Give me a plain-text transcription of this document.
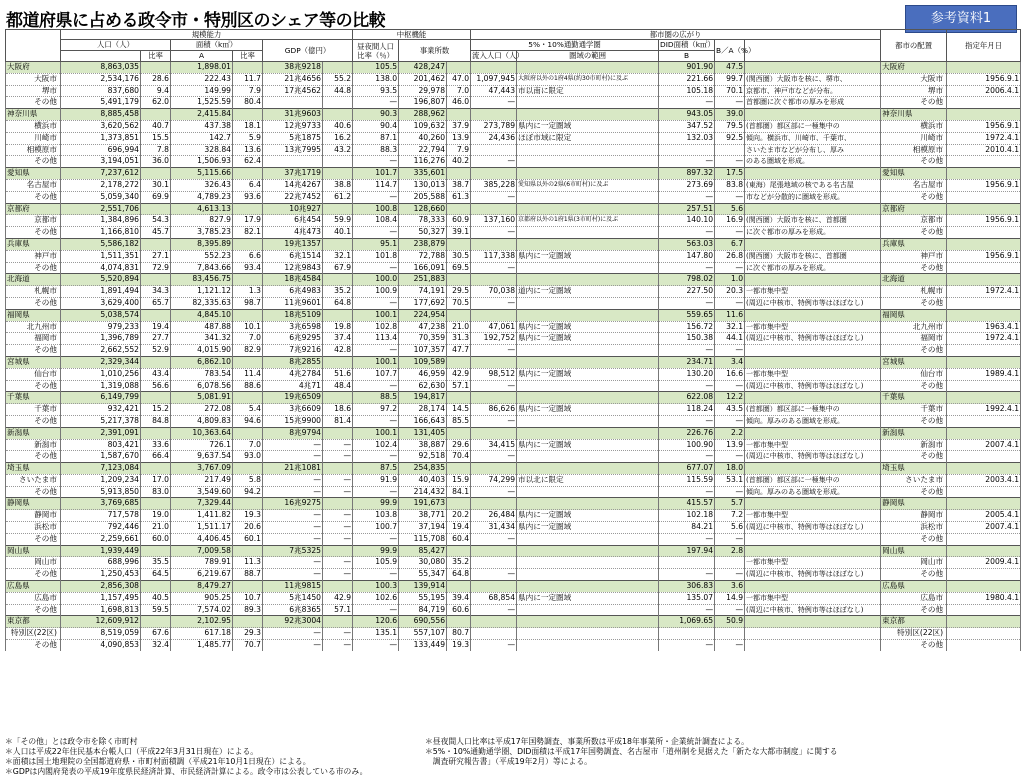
都道府県に占める政令市・特別区のシェア等の比較	参考資料1
	規模能力						中枢機能			都市圏の広がり					都市の配置	指定年月日
	人口（人）		面積（k㎡）		GDP（億円）		昼夜間人口比率（％）	事業所数		5%・10%通勤通学圏		DID面積（k㎡）	B／A（%）			
		比率	A	比率						流入人口（人）	圏域の範囲	B				
大阪府	8,863,035		1,898.01		38兆9218		105.5	428,247				901.90	47.5		大阪府	
大阪市	2,534,176	28.6	222.43	11.7	21兆4656	55.2	138.0	201,462	47.0	1,097,945	大阪府以外の1府4県(約30市町村)に及ぶ	221.66	99.7	(関西圏）大阪市を核に、堺市、	大阪市	1956.9.1
堺市	837,680	9.4	149.99	7.9	17兆4562	44.8	93.5	29,978	7.0	47,443	市以南に限定	105.18	70.1	京都市、神戸市などが分布。	堺市	2006.4.1
その他	5,491,179	62.0	1,525.59	80.4			—	196,807	46.0	—		—	—	首都圏に次ぐ都市の厚みを形成	その他	
神奈川県	8,885,458		2,415.84		31兆9603		90.3	288,962				943.05	39.0		神奈川県	
横浜市	3,620,562	40.7	437.38	18.1	12兆9733	40.6	90.4	109,632	37.9	273,789	県内に一定圏域	347.52	79.5	(首都圏）都区部に一極集中の	横浜市	1956.9.1
川崎市	1,373,851	15.5	142.7	5.9	5兆1875	16.2	87.1	40,260	13.9	24,436	ほぼ市域に限定	132.03	92.5	傾向。横浜市、川崎市、千葉市、	川崎市	1972.4.1
相模原市	696,994	7.8	328.84	13.6	13兆7995	43.2	88.3	22,794	7.9					さいたま市などが分布し、厚み	相模原市	2010.4.1
その他	3,194,051	36.0	1,506.93	62.4			—	116,276	40.2	—		—	—	のある圏域を形成。	その他	
愛知県	7,237,612		5,115.66		37兆1719		101.7	335,601				897.32	17.5		愛知県	
名古屋市	2,178,272	30.1	326.43	6.4	14兆4267	38.8	114.7	130,013	38.7	385,228	愛知県以外の2県(6市町村)に及ぶ	273.69	83.8	(東海）尾張地域の核である名古屋	名古屋市	1956.9.1
その他	5,059,340	69.9	4,789.23	93.6	22兆7452	61.2	—	205,588	61.3	—		—	—	市などが分散的に圏域を形成。	その他	
京都府	2,551,706		4,613.13		10兆927		100.8	128,660				257.51	5.6		京都府	
京都市	1,384,896	54.3	827.9	17.9	6兆454	59.9	108.4	78,333	60.9	137,160	京都府以外の1府1県(3市町村)に及ぶ	140.10	16.9	(関西圏）大阪市を核に、首都圏	京都市	1956.9.1
その他	1,166,810	45.7	3,785.23	82.1	4兆473	40.1	—	50,327	39.1	—		—	—	に次ぐ都市の厚みを形成。	その他	
兵庫県	5,586,182		8,395.89		19兆1357		95.1	238,879				563.03	6.7		兵庫県	
神戸市	1,511,351	27.1	552.23	6.6	6兆1514	32.1	101.8	72,788	30.5	117,338	県内に一定圏域	147.80	26.8	(関西圏）大阪市を核に、首都圏	神戸市	1956.9.1
その他	4,074,831	72.9	7,843.66	93.4	12兆9843	67.9	—	166,091	69.5	—		—	—	に次ぐ都市の厚みを形成。	その他	
北海道	5,520,894		83,456.75		18兆4584		100.0	251,883				798.02	1.0		北海道	
札幌市	1,891,494	34.3	1,121.12	1.3	6兆4983	35.2	100.9	74,191	29.5	70,038	道内に一定圏域	227.50	20.3	一都市集中型	札幌市	1972.4.1
その他	3,629,400	65.7	82,335.63	98.7	11兆9601	64.8	—	177,692	70.5	—		—	—	(周辺に中核市、特例市等はほぼなし)	その他	
福岡県	5,038,574		4,845.10		18兆5109		100.1	224,954				559.65	11.6		福岡県	
北九州市	979,233	19.4	487.88	10.1	3兆6598	19.8	102.8	47,238	21.0	47,061	県内に一定圏域	156.72	32.1	一都市集中型	北九州市	1963.4.1
福岡市	1,396,789	27.7	341.32	7.0	6兆9295	37.4	113.4	70,359	31.3	192,752	県内に一定圏域	150.38	44.1	(周辺に中核市、特例市等はほぼなし)	福岡市	1972.4.1
その他	2,662,552	52.9	4,015.90	82.9	7兆9216	42.8	—	107,357	47.7	—		—	—		その他	
宮城県	2,329,344		6,862.10		8兆2855		100.1	109,589				234.71	3.4		宮城県	
仙台市	1,010,256	43.4	783.54	11.4	4兆2784	51.6	107.7	46,959	42.9	98,512	県内に一定圏域	130.20	16.6	一都市集中型	仙台市	1989.4.1
その他	1,319,088	56.6	6,078.56	88.6	4兆71	48.4	—	62,630	57.1	—		—	—	(周辺に中核市、特例市等はほぼなし)	その他	
千葉県	6,149,799		5,081.91		19兆6509		88.5	194,817				622.08	12.2		千葉県	
千葉市	932,421	15.2	272.08	5.4	3兆6609	18.6	97.2	28,174	14.5	86,626	県内に一定圏域	118.24	43.5	(首都圏）都区部に一極集中の	千葉市	1992.4.1
その他	5,217,378	84.8	4,809.83	94.6	15兆9900	81.4	—	166,643	85.5	—		—	—	傾向。厚みのある圏域を形成。	その他	
新潟県	2,391,091		10,363.64		8兆9794		100.1	131,405				226.76	2.2		新潟県	
新潟市	803,421	33.6	726.1	7.0	—	—	102.4	38,887	29.6	34,415	県内に一定圏域	100.90	13.9	一都市集中型	新潟市	2007.4.1
その他	1,587,670	66.4	9,637.54	93.0	—	—	—	92,518	70.4	—		—	—	(周辺に中核市、特例市等はほぼなし)	その他	
埼玉県	7,123,084		3,767.09		21兆1081		87.5	254,835				677.07	18.0		埼玉県	
さいたま市	1,209,234	17.0	217.49	5.8	—	—	91.9	40,403	15.9	74,299	市以北に限定	115.59	53.1	(首都圏）都区部に一極集中の	さいたま市	2003.4.1
その他	5,913,850	83.0	3,549.60	94.2	—	—	—	214,432	84.1	—		—	—	傾向。厚みのある圏域を形成。	その他	
静岡県	3,769,685		7,329.44		16兆9275		99.9	191,673				415.57	5.7		静岡県	
静岡市	717,578	19.0	1,411.82	19.3	—	—	103.8	38,771	20.2	26,484	県内に一定圏域	102.18	7.2	一都市集中型	静岡市	2005.4.1
浜松市	792,446	21.0	1,511.17	20.6	—	—	100.7	37,194	19.4	31,434	県内に一定圏域	84.21	5.6	(周辺に中核市、特例市等はほぼなし)	浜松市	2007.4.1
その他	2,259,661	60.0	4,406.45	60.1	—	—	—	115,708	60.4	—		—	—		その他	
岡山県	1,939,449		7,009.58		7兆5325		99.9	85,427				197.94	2.8		岡山県	
岡山市	688,996	35.5	789.91	11.3	—	—	105.9	30,080	35.2					一都市集中型	岡山市	2009.4.1
その他	1,250,453	64.5	6,219.67	88.7	—	—	—	55,347	64.8	—		—	—	(周辺に中核市、特例市等はほぼなし)	その他	
広島県	2,856,308		8,479.27		11兆9815		100.3	139,914				306.83	3.6		広島県	
広島市	1,157,495	40.5	905.25	10.7	5兆1450	42.9	102.6	55,195	39.4	68,854	県内に一定圏域	135.07	14.9	一都市集中型	広島市	1980.4.1
その他	1,698,813	59.5	7,574.02	89.3	6兆8365	57.1	—	84,719	60.6	—		—	—	(周辺に中核市、特例市等はほぼなし)	その他	
東京都	12,609,912		2,102.95		92兆3004		120.6	690,556				1,069.65	50.9		東京都	
特別区(22区)	8,519,059	67.6	617.18	29.3	—	—	135.1	557,107	80.7						特別区(22区)	
その他	4,090,853	32.4	1,485.77	70.7	—	—	—	133,449	19.3	—		—	—		その他	
＊「その他」とは政令市を除く市町村
＊人口は平成22年住民基本台帳人口（平成22年3月31日現在）による。
＊面積は国土地理院の全国都道府県・市町村面積調（平成21年10月1日現在）による。
＊GDPは内閣府発表の平成19年度県民経済計算、市民経済計算による。政令市は公表している市のみ。
＊昼夜間人口比率は平成17年国勢調査、事業所数は平成18年事業所・企業統計調査による。
＊5%・10%通勤通学圏、DID面積は平成17年国勢調査、名古屋市「道州制を見据えた「新たな大都市制度」に関する
　調査研究報告書」（平成19年2月）等による。
